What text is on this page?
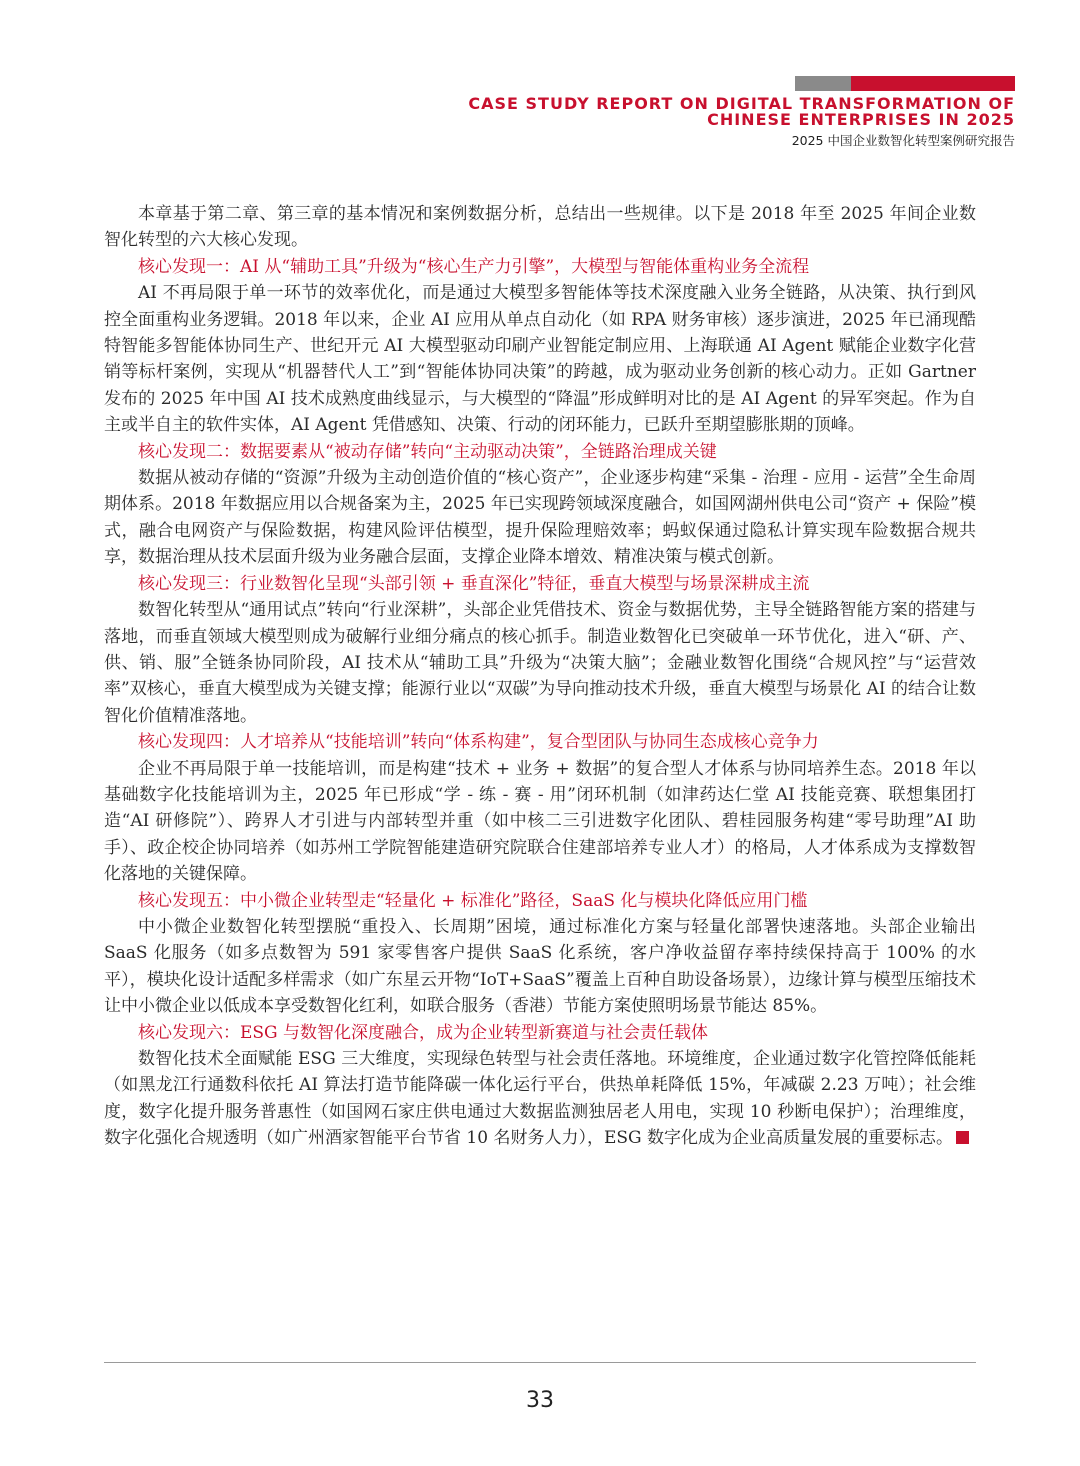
CASE STUDY REPORT ON DIGITAL TRANSFORMATION OF
CHINESE ENTERPRISES IN 2025
2025 中国企业数智化转型案例研究报告

本章基于第二章、第三章的基本情况和案例数据分析，总结出一些规律。以下是 2018 年至 2025 年间企业数智化转型的六大核心发现。

核心发现一：AI 从“辅助工具”升级为“核心生产力引擎”，大模型与智能体重构业务全流程

AI 不再局限于单一环节的效率优化，而是通过大模型多智能体等技术深度融入业务全链路，从决策、执行到风控全面重构业务逻辑。2018 年以来，企业 AI 应用从单点自动化（如 RPA 财务审核）逐步演进，2025 年已涌现酷特智能多智能体协同生产、世纪开元 AI 大模型驱动印刷产业智能定制应用、上海联通 AI Agent 赋能企业数字化营销等标杆案例，实现从“机器替代人工”到“智能体协同决策”的跨越，成为驱动业务创新的核心动力。正如 Gartner 发布的 2025 年中国 AI 技术成熟度曲线显示，与大模型的“降温”形成鲜明对比的是 AI Agent 的异军突起。作为自主或半自主的软件实体，AI Agent 凭借感知、决策、行动的闭环能力，已跃升至期望膨胀期的顶峰。

核心发现二：数据要素从“被动存储”转向“主动驱动决策”，全链路治理成关键

数据从被动存储的“资源”升级为主动创造价值的“核心资产”，企业逐步构建“采集 - 治理 - 应用 - 运营”全生命周期体系。2018 年数据应用以合规备案为主，2025 年已实现跨领域深度融合，如国网湖州供电公司“资产 + 保险”模式，融合电网资产与保险数据，构建风险评估模型，提升保险理赔效率；蚂蚁保通过隐私计算实现车险数据合规共享，数据治理从技术层面升级为业务融合层面，支撑企业降本增效、精准决策与模式创新。

核心发现三：行业数智化呈现“头部引领 + 垂直深化”特征，垂直大模型与场景深耕成主流

数智化转型从“通用试点”转向“行业深耕”，头部企业凭借技术、资金与数据优势，主导全链路智能方案的搭建与落地，而垂直领域大模型则成为破解行业细分痛点的核心抓手。制造业数智化已突破单一环节优化，进入“研、产、供、销、服”全链条协同阶段，AI 技术从“辅助工具”升级为“决策大脑”；金融业数智化围绕“合规风控”与“运营效率”双核心，垂直大模型成为关键支撑；能源行业以“双碳”为导向推动技术升级，垂直大模型与场景化 AI 的结合让数智化价值精准落地。

核心发现四：人才培养从“技能培训”转向“体系构建”，复合型团队与协同生态成核心竞争力

企业不再局限于单一技能培训，而是构建“技术 + 业务 + 数据”的复合型人才体系与协同培养生态。2018 年以基础数字化技能培训为主，2025 年已形成“学 - 练 - 赛 - 用”闭环机制（如津药达仁堂 AI 技能竞赛、联想集团打造“AI 研修院”）、跨界人才引进与内部转型并重（如中核二三引进数字化团队、碧桂园服务构建“零号助理”AI 助手）、政企校企协同培养（如苏州工学院智能建造研究院联合住建部培养专业人才）的格局，人才体系成为支撑数智化落地的关键保障。

核心发现五：中小微企业转型走“轻量化 + 标准化”路径，SaaS 化与模块化降低应用门槛

中小微企业数智化转型摆脱“重投入、长周期”困境，通过标准化方案与轻量化部署快速落地。头部企业输出 SaaS 化服务（如多点数智为 591 家零售客户提供 SaaS 化系统，客户净收益留存率持续保持高于 100% 的水平），模块化设计适配多样需求（如广东星云开物“IoT+SaaS”覆盖上百种自助设备场景），边缘计算与模型压缩技术让中小微企业以低成本享受数智化红利，如联合服务（香港）节能方案使照明场景节能达 85%。

核心发现六：ESG 与数智化深度融合，成为企业转型新赛道与社会责任载体

数智化技术全面赋能 ESG 三大维度，实现绿色转型与社会责任落地。环境维度，企业通过数字化管控降低能耗（如黑龙江行通数科依托 AI 算法打造节能降碳一体化运行平台，供热单耗降低 15%，年减碳 2.23 万吨）；社会维度，数字化提升服务普惠性（如国网石家庄供电通过大数据监测独居老人用电，实现 10 秒断电保护）；治理维度，数字化强化合规透明（如广州酒家智能平台节省 10 名财务人力），ESG 数字化成为企业高质量发展的重要标志。

33
